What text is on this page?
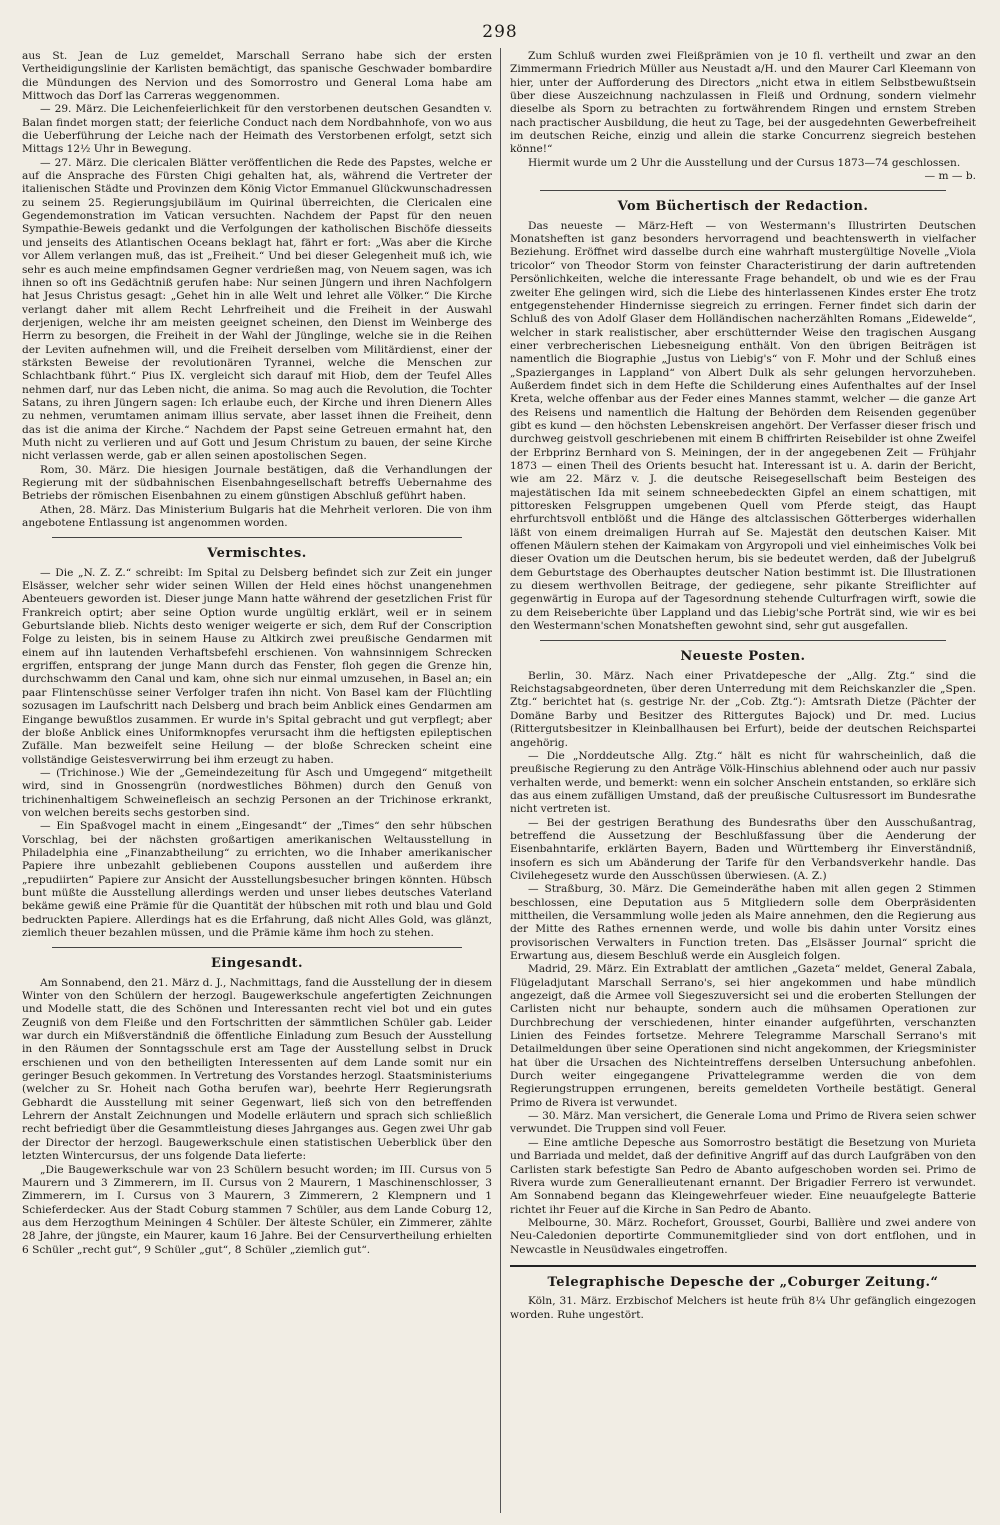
298

aus St. Jean de Luz gemeldet, Marschall Serrano habe sich der ersten Vertheidigungslinie der Karlisten bemächtigt, das spanische Geschwader bombardire die Mündungen des Nervion und des Somorrostro und General Loma habe am Mittwoch das Dorf las Carreras weggenommen.

— 29. März. Die Leichenfeierlichkeit für den verstorbenen deutschen Gesandten v. Balan findet morgen statt; der feierliche Conduct nach dem Nordbahnhofe, von wo aus die Ueberführung der Leiche nach der Heimath des Verstorbenen erfolgt, setzt sich Mittags 12½ Uhr in Bewegung.

— 27. März. Die clericalen Blätter veröffentlichen die Rede des Papstes, welche er auf die Ansprache des Fürsten Chigi gehalten hat, als, während die Vertreter der italienischen Städte und Provinzen dem König Victor Emmanuel Glückwunschadressen zu seinem 25. Regierungsjubiläum im Quirinal überreichten, die Clericalen eine Gegendemonstration im Vatican versuchten. Nachdem der Papst für den neuen Sympathie-Beweis gedankt und die Verfolgungen der katholischen Bischöfe diesseits und jenseits des Atlantischen Oceans beklagt hat, fährt er fort: „Was aber die Kirche vor Allem verlangen muß, das ist „Freiheit.“ Und bei dieser Gelegenheit muß ich, wie sehr es auch meine empfindsamen Gegner verdrießen mag, von Neuem sagen, was ich ihnen so oft ins Gedächtniß gerufen habe: Nur seinen Jüngern und ihren Nachfolgern hat Jesus Christus gesagt: „Gehet hin in alle Welt und lehret alle Völker.“ Die Kirche verlangt daher mit allem Recht Lehrfreiheit und die Freiheit in der Auswahl derjenigen, welche ihr am meisten geeignet scheinen, den Dienst im Weinberge des Herrn zu besorgen, die Freiheit in der Wahl der Jünglinge, welche sie in die Reihen der Leviten aufnehmen will, und die Freiheit derselben vom Militärdienst, einer der stärksten Beweise der revolutionären Tyrannei, welche die Menschen zur Schlachtbank führt.“ Pius IX. vergleicht sich darauf mit Hiob, dem der Teufel Alles nehmen darf, nur das Leben nicht, die anima. So mag auch die Revolution, die Tochter Satans, zu ihren Jüngern sagen: Ich erlaube euch, der Kirche und ihren Dienern Alles zu nehmen, verumtamen animam illius servate, aber lasset ihnen die Freiheit, denn das ist die anima der Kirche.“ Nachdem der Papst seine Getreuen ermahnt hat, den Muth nicht zu verlieren und auf Gott und Jesum Christum zu bauen, der seine Kirche nicht verlassen werde, gab er allen seinen apostolischen Segen.

Rom, 30. März. Die hiesigen Journale bestätigen, daß die Verhandlungen der Regierung mit der südbahnischen Eisenbahngesellschaft betreffs Uebernahme des Betriebs der römischen Eisenbahnen zu einem günstigen Abschluß geführt haben.

Athen, 28. März. Das Ministerium Bulgaris hat die Mehrheit verloren. Die von ihm angebotene Entlassung ist angenommen worden.

Vermischtes.

— Die „N. Z. Z.“ schreibt: Im Spital zu Delsberg befindet sich zur Zeit ein junger Elsässer, welcher sehr wider seinen Willen der Held eines höchst unangenehmen Abenteuers geworden ist. Dieser junge Mann hatte während der gesetzlichen Frist für Frankreich optirt; aber seine Option wurde ungültig erklärt, weil er in seinem Geburtslande blieb. Nichts desto weniger weigerte er sich, dem Ruf der Conscription Folge zu leisten, bis in seinem Hause zu Altkirch zwei preußische Gendarmen mit einem auf ihn lautenden Verhaftsbefehl erschienen. Von wahnsinnigem Schrecken ergriffen, entsprang der junge Mann durch das Fenster, floh gegen die Grenze hin, durchschwamm den Canal und kam, ohne sich nur einmal umzusehen, in Basel an; ein paar Flintenschüsse seiner Verfolger trafen ihn nicht. Von Basel kam der Flüchtling sozusagen im Laufschritt nach Delsberg und brach beim Anblick eines Gendarmen am Eingange bewußtlos zusammen. Er wurde in's Spital gebracht und gut verpflegt; aber der bloße Anblick eines Uniformknopfes verursacht ihm die heftigsten epileptischen Zufälle. Man bezweifelt seine Heilung — der bloße Schrecken scheint eine vollständige Geistesverwirrung bei ihm erzeugt zu haben.

— (Trichinose.) Wie der „Gemeindezeitung für Asch und Umgegend“ mitgetheilt wird, sind in Gnossengrün (nordwestliches Böhmen) durch den Genuß von trichinenhaltigem Schweinefleisch an sechzig Personen an der Trichinose erkrankt, von welchen bereits sechs gestorben sind.

— Ein Spaßvogel macht in einem „Eingesandt“ der „Times“ den sehr hübschen Vorschlag, bei der nächsten großartigen amerikanischen Weltausstellung in Philadelphia eine „Finanzabtheilung“ zu errichten, wo die Inhaber amerikanischer Papiere ihre unbezahlt gebliebenen Coupons ausstellen und außerdem ihre „repudiirten“ Papiere zur Ansicht der Ausstellungsbesucher bringen könnten. Hübsch bunt müßte die Ausstellung allerdings werden und unser liebes deutsches Vaterland bekäme gewiß eine Prämie für die Quantität der hübschen mit roth und blau und Gold bedruckten Papiere. Allerdings hat es die Erfahrung, daß nicht Alles Gold, was glänzt, ziemlich theuer bezahlen müssen, und die Prämie käme ihm hoch zu stehen.

Eingesandt.

Am Sonnabend, den 21. März d. J., Nachmittags, fand die Ausstellung der in diesem Winter von den Schülern der herzogl. Baugewerkschule angefertigten Zeichnungen und Modelle statt, die des Schönen und Interessanten recht viel bot und ein gutes Zeugniß von dem Fleiße und den Fortschritten der sämmtlichen Schüler gab. Leider war durch ein Mißverständniß die öffentliche Einladung zum Besuch der Ausstellung in den Räumen der Sonntagsschule erst am Tage der Ausstellung selbst in Druck erschienen und von den betheiligten Interessenten auf dem Lande somit nur ein geringer Besuch gekommen. In Vertretung des Vorstandes herzogl. Staatsministeriums (welcher zu Sr. Hoheit nach Gotha berufen war), beehrte Herr Regierungsrath Gebhardt die Ausstellung mit seiner Gegenwart, ließ sich von den betreffenden Lehrern der Anstalt Zeichnungen und Modelle erläutern und sprach sich schließlich recht befriedigt über die Gesammtleistung dieses Jahrganges aus. Gegen zwei Uhr gab der Director der herzogl. Baugewerkschule einen statistischen Ueberblick über den letzten Wintercursus, der uns folgende Data lieferte:

„Die Baugewerkschule war von 23 Schülern besucht worden; im III. Cursus von 5 Maurern und 3 Zimmerern, im II. Cursus von 2 Maurern, 1 Maschinenschlosser, 3 Zimmerern, im I. Cursus von 3 Maurern, 3 Zimmerern, 2 Klempnern und 1 Schieferdecker. Aus der Stadt Coburg stammen 7 Schüler, aus dem Lande Coburg 12, aus dem Herzogthum Meiningen 4 Schüler. Der älteste Schüler, ein Zimmerer, zählte 28 Jahre, der jüngste, ein Maurer, kaum 16 Jahre. Bei der Censurvertheilung erhielten 6 Schüler „recht gut“, 9 Schüler „gut“, 8 Schüler „ziemlich gut“.

Zum Schluß wurden zwei Fleißprämien von je 10 fl. vertheilt und zwar an den Zimmermann Friedrich Müller aus Neustadt a/H. und den Maurer Carl Kleemann von hier, unter der Aufforderung des Directors „nicht etwa in eitlem Selbstbewußtsein über diese Auszeichnung nachzulassen in Fleiß und Ordnung, sondern vielmehr dieselbe als Sporn zu betrachten zu fortwährendem Ringen und ernstem Streben nach practischer Ausbildung, die heut zu Tage, bei der ausgedehnten Gewerbefreiheit im deutschen Reiche, einzig und allein die starke Concurrenz siegreich bestehen könne!“

Hiermit wurde um 2 Uhr die Ausstellung und der Cursus 1873—74 geschlossen.

— m — b.

Vom Büchertisch der Redaction.

Das neueste — März-Heft — von Westermann's Illustrirten Deutschen Monatsheften ist ganz besonders hervorragend und beachtenswerth in vielfacher Beziehung. Eröffnet wird dasselbe durch eine wahrhaft mustergültige Novelle „Viola tricolor“ von Theodor Storm von feinster Characteristirung der darin auftretenden Persönlichkeiten, welche die interessante Frage behandelt, ob und wie es der Frau zweiter Ehe gelingen wird, sich die Liebe des hinterlassenen Kindes erster Ehe trotz entgegenstehender Hindernisse siegreich zu erringen. Ferner findet sich darin der Schluß des von Adolf Glaser dem Holländischen nacherzählten Romans „Eidewelde“, welcher in stark realistischer, aber erschütternder Weise den tragischen Ausgang einer verbrecherischen Liebesneigung enthält. Von den übrigen Beiträgen ist namentlich die Biographie „Justus von Liebig's“ von F. Mohr und der Schluß eines „Spazierganges in Lappland“ von Albert Dulk als sehr gelungen hervorzuheben. Außerdem findet sich in dem Hefte die Schilderung eines Aufenthaltes auf der Insel Kreta, welche offenbar aus der Feder eines Mannes stammt, welcher — die ganze Art des Reisens und namentlich die Haltung der Behörden dem Reisenden gegenüber gibt es kund — den höchsten Lebenskreisen angehört. Der Verfasser dieser frisch und durchweg geistvoll geschriebenen mit einem B chiffrirten Reisebilder ist ohne Zweifel der Erbprinz Bernhard von S. Meiningen, der in der angegebenen Zeit — Frühjahr 1873 — einen Theil des Orients besucht hat. Interessant ist u. A. darin der Bericht, wie am 22. März v. J. die deutsche Reisegesellschaft beim Besteigen des majestätischen Ida mit seinem schneebedeckten Gipfel an einem schattigen, mit pittoresken Felsgruppen umgebenen Quell vom Pferde steigt, das Haupt ehrfurchtsvoll entblößt und die Hänge des altclassischen Götterberges widerhallen läßt von einem dreimaligen Hurrah auf Se. Majestät den deutschen Kaiser. Mit offenen Mäulern stehen der Kaimakam von Argyropoli und viel einheimisches Volk bei dieser Ovation um die Deutschen herum, bis sie bedeutet werden, daß der Jubelgruß dem Geburtstage des Oberhauptes deutscher Nation bestimmt ist. Die Illustrationen zu diesem werthvollen Beitrage, der gediegene, sehr pikante Streiflichter auf gegenwärtig in Europa auf der Tagesordnung stehende Culturfragen wirft, sowie die zu dem Reiseberichte über Lappland und das Liebig'sche Porträt sind, wie wir es bei den Westermann'schen Monatsheften gewohnt sind, sehr gut ausgefallen.

Neueste Posten.

Berlin, 30. März. Nach einer Privatdepesche der „Allg. Ztg.“ sind die Reichstagsabgeordneten, über deren Unterredung mit dem Reichskanzler die „Spen. Ztg.“ berichtet hat (s. gestrige Nr. der „Cob. Ztg.“): Amtsrath Dietze (Pächter der Domäne Barby und Besitzer des Rittergutes Bajock) und Dr. med. Lucius (Rittergutsbesitzer in Kleinballhausen bei Erfurt), beide der deutschen Reichspartei angehörig.

— Die „Norddeutsche Allg. Ztg.“ hält es nicht für wahrscheinlich, daß die preußische Regierung zu den Anträge Völk-Hinschius ablehnend oder auch nur passiv verhalten werde, und bemerkt: wenn ein solcher Anschein entstanden, so erkläre sich das aus einem zufälligen Umstand, daß der preußische Cultusressort im Bundesrathe nicht vertreten ist.

— Bei der gestrigen Berathung des Bundesraths über den Ausschußantrag, betreffend die Aussetzung der Beschlußfassung über die Aenderung der Eisenbahntarife, erklärten Bayern, Baden und Württemberg ihr Einverständniß, insofern es sich um Abänderung der Tarife für den Verbandsverkehr handle. Das Civilehegesetz wurde den Ausschüssen überwiesen. (A. Z.)

— Straßburg, 30. März. Die Gemeinderäthe haben mit allen gegen 2 Stimmen beschlossen, eine Deputation aus 5 Mitgliedern solle dem Oberpräsidenten mittheilen, die Versammlung wolle jeden als Maire annehmen, den die Regierung aus der Mitte des Rathes ernennen werde, und wolle bis dahin unter Vorsitz eines provisorischen Verwalters in Function treten. Das „Elsässer Journal“ spricht die Erwartung aus, diesem Beschluß werde ein Ausgleich folgen.

Madrid, 29. März. Ein Extrablatt der amtlichen „Gazeta“ meldet, General Zabala, Flügeladjutant Marschall Serrano's, sei hier angekommen und habe mündlich angezeigt, daß die Armee voll Siegeszuversicht sei und die eroberten Stellungen der Carlisten nicht nur behaupte, sondern auch die mühsamen Operationen zur Durchbrechung der verschiedenen, hinter einander aufgeführten, verschanzten Linien des Feindes fortsetze. Mehrere Telegramme Marschall Serrano's mit Detailmeldungen über seine Operationen sind nicht angekommen, der Kriegsminister hat über die Ursachen des Nichteintreffens derselben Untersuchung anbefohlen. Durch weiter eingegangene Privattelegramme werden die von dem Regierungstruppen errungenen, bereits gemeldeten Vortheile bestätigt. General Primo de Rivera ist verwundet.

— 30. März. Man versichert, die Generale Loma und Primo de Rivera seien schwer verwundet. Die Truppen sind voll Feuer.

— Eine amtliche Depesche aus Somorrostro bestätigt die Besetzung von Murieta und Barriada und meldet, daß der definitive Angriff auf das durch Laufgräben von den Carlisten stark befestigte San Pedro de Abanto aufgeschoben worden sei. Primo de Rivera wurde zum Generallieutenant ernannt. Der Brigadier Ferrero ist verwundet. Am Sonnabend begann das Kleingewehrfeuer wieder. Eine neuaufgelegte Batterie richtet ihr Feuer auf die Kirche in San Pedro de Abanto.

Melbourne, 30. März. Rochefort, Grousset, Gourbi, Ballière und zwei andere von Neu-Caledonien deportirte Communemitglieder sind von dort entflohen, und in Newcastle in Neusüdwales eingetroffen.

Telegraphische Depesche der „Coburger Zeitung.“

Köln, 31. März. Erzbischof Melchers ist heute früh 8¼ Uhr gefänglich eingezogen worden. Ruhe ungestört.
